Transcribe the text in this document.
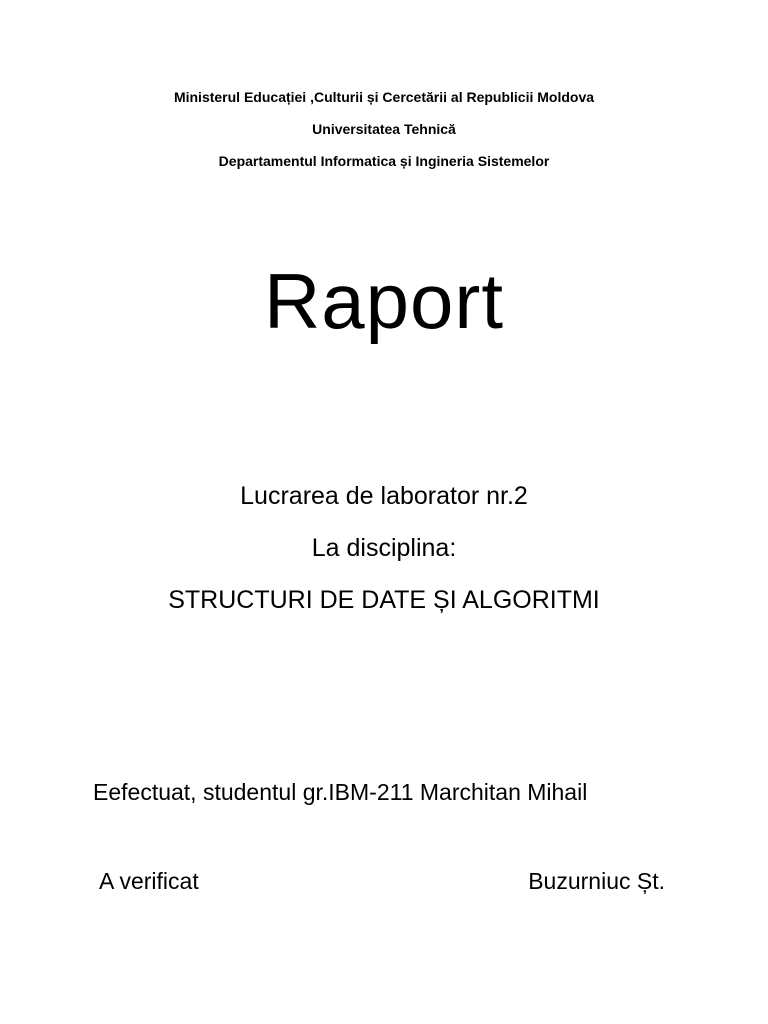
Ministerul Educației ,Culturii și Cercetării al Republicii Moldova
Universitatea Tehnică
Departamentul Informatica și Ingineria Sistemelor
Raport
Lucrarea de laborator nr.2
La disciplina:
STRUCTURI DE DATE ȘI ALGORITMI
Eefectuat, studentul gr.IBM-211 Marchitan Mihail
A verificat	Buzurniuc Șt.
